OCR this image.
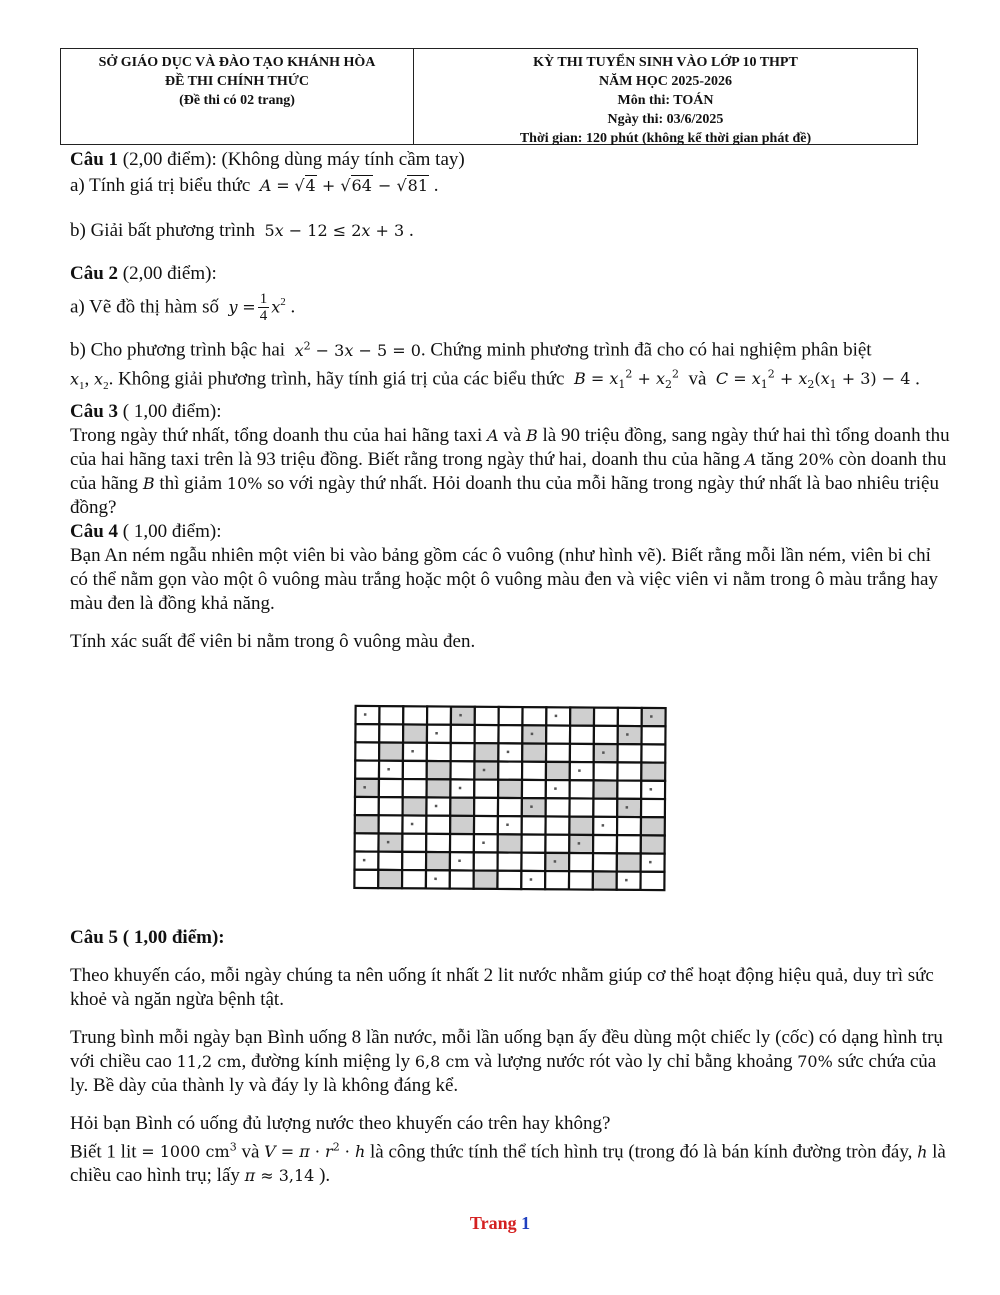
SỞ GIÁO DỤC VÀ ĐÀO TẠO KHÁNH HÒA
ĐỀ THI CHÍNH THỨC
(Đề thi có 02 trang)
KỲ THI TUYỂN SINH VÀO LỚP 10 THPT
NĂM HỌC 2025-2026
Môn thi: TOÁN
Ngày thi: 03/6/2025
Thời gian: 120 phút (không kể thời gian phát đề)

Câu 1 (2,00 điểm): (Không dùng máy tính cầm tay)

a) Tính giá trị biểu thức A = √4 + √64 − √81 .

b) Giải bất phương trình 5x − 12 ≤ 2x + 3 .

Câu 2 (2,00 điểm):

a) Vẽ đồ thị hàm số $y = \frac{1}{4} x^2$ .

b) Cho phương trình bậc hai $x^2 - 3x - 5 = 0$. Chứng minh phương trình đã cho có hai nghiệm phân biệt

$x_1$, $x_2$. Không giải phương trình, hãy tính giá trị của các biểu thức $B = x_1^2 + x_2^2$ và $C = x_1^2 + x_2(x_1 + 3) - 4$ .

Câu 3 ( 1,00 điểm):

Trong ngày thứ nhất, tổng doanh thu của hai hãng taxi A và B là 90 triệu đồng, sang ngày thứ hai thì tổng doanh thu của hai hãng taxi trên là 93 triệu đồng. Biết rằng trong ngày thứ hai, doanh thu của hãng A tăng 20% còn doanh thu của hãng B thì giảm 10% so với ngày thứ nhất. Hỏi doanh thu của mỗi hãng trong ngày thứ nhất là bao nhiêu triệu đồng?

Câu 4 ( 1,00 điểm):

Bạn An ném ngẫu nhiên một viên bi vào bảng gồm các ô vuông (như hình vẽ). Biết rằng mỗi lần ném, viên bi chỉ có thể nằm gọn vào một ô vuông màu trắng hoặc một ô vuông màu đen và việc viên vi nằm trong ô màu trắng hay màu đen là đồng khả năng.

Tính xác suất để viên bi nằm trong ô vuông màu đen.

Câu 5 ( 1,00 điểm):

Theo khuyến cáo, mỗi ngày chúng ta nên uống ít nhất 2 lit nước nhằm giúp cơ thể hoạt động hiệu quả, duy trì sức khoẻ và ngăn ngừa bệnh tật.

Trung bình mỗi ngày bạn Bình uống 8 lần nước, mỗi lần uống bạn ấy đều dùng một chiếc ly (cốc) có dạng hình trụ với chiều cao 11,2 cm, đường kính miệng ly 6,8 cm và lượng nước rót vào ly chỉ bằng khoảng 70% sức chứa của ly. Bề dày của thành ly và đáy ly là không đáng kể.

Hỏi bạn Bình có uống đủ lượng nước theo khuyến cáo trên hay không?

Biết 1 lit = 1000 $cm^3$ và $V = \pi \cdot r^2 \cdot h$ là công thức tính thể tích hình trụ (trong đó là bán kính đường tròn đáy, h là chiều cao hình trụ; lấy π ≈ 3,14 ).

Trang 1
